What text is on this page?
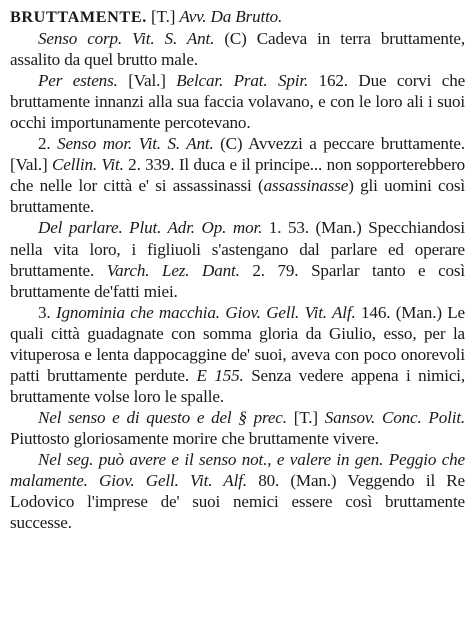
BRUTTAMENTE. [T.] Avv. Da Brutto.

Senso corp. Vit. S. Ant. (C) Cadeva in terra bruttamente, assalito da quel brutto male.

Per estens. [Val.] Belcar. Prat. Spir. 162. Due corvi che bruttamente innanzi alla sua faccia volavano, e con le loro ali i suoi occhi importunamente percotevano.

2. Senso mor. Vit. S. Ant. (C) Avvezzi a peccare bruttamente. [Val.] Cellin. Vit. 2. 339. Il duca e il principe... non sopporterebbero che nelle lor città e' si assassinassi (assassinasse) gli uomini così bruttamente.

Del parlare. Plut. Adr. Op. mor. 1. 53. (Man.) Specchiandosi nella vita loro, i figliuoli s'astengano dal parlare ed operare bruttamente. Varch. Lez. Dant. 2. 79. Sparlar tanto e così bruttamente de'fatti miei.

3. Ignominia che macchia. Giov. Gell. Vit. Alf. 146. (Man.) Le quali città guadagnate con somma gloria da Giulio, esso, per la vituperosa e lenta dappocaggine de' suoi, aveva con poco onorevoli patti bruttamente perdute. E 155. Senza vedere appena i nimici, bruttamente volse loro le spalle.

Nel senso e di questo e del § prec. [T.] Sansov. Conc. Polit. Piuttosto gloriosamente morire che bruttamente vivere.

Nel seg. può avere e il senso not., e valere in gen. Peggio che malamente. Giov. Gell. Vit. Alf. 80. (Man.) Veggendo il Re Lodovico l'imprese de' suoi nemici essere così bruttamente successe.
